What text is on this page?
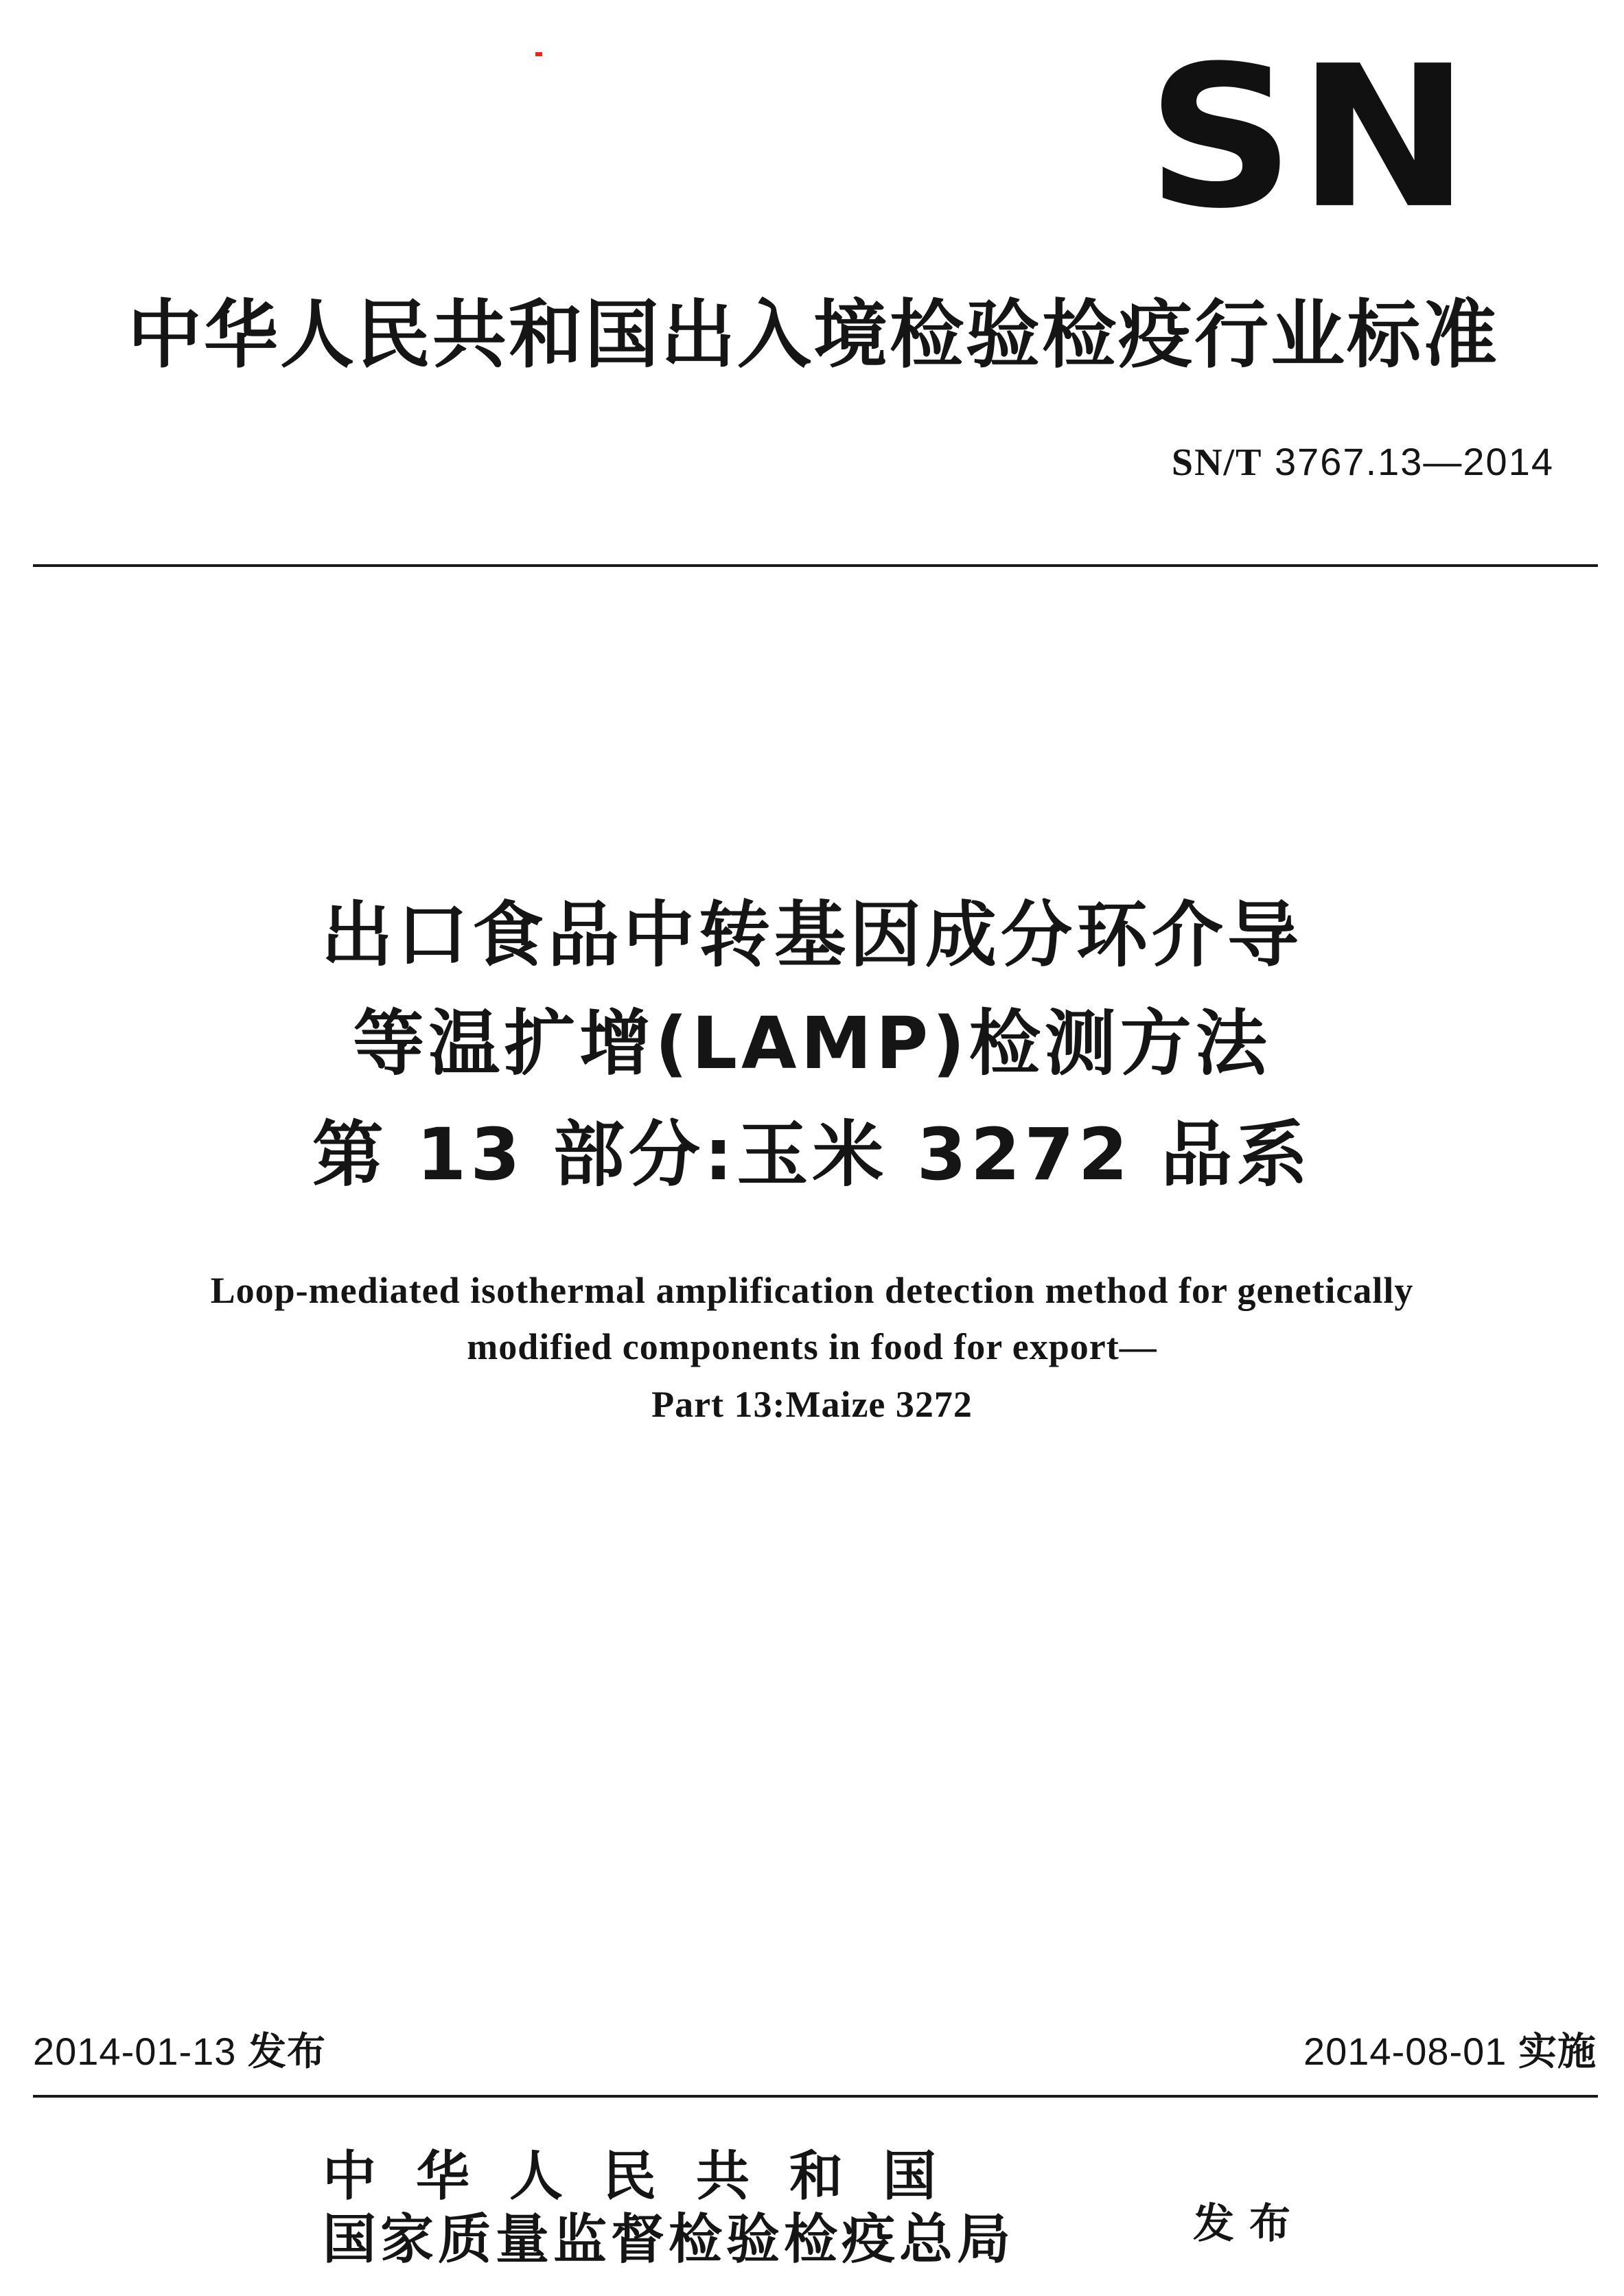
SN
中华人民共和国出入境检验检疫行业标准
SN/T 3767.13—2014
出口食品中转基因成分环介导
等温扩增(LAMP)检测方法
第 13 部分:玉米 3272 品系
Loop-mediated isothermal amplification detection method for genetically
modified components in food for export—
Part 13:Maize 3272
2014-01-13 发布	2014-08-01 实施
中华人民共和国
国家质量监督检验检疫总局	发布
